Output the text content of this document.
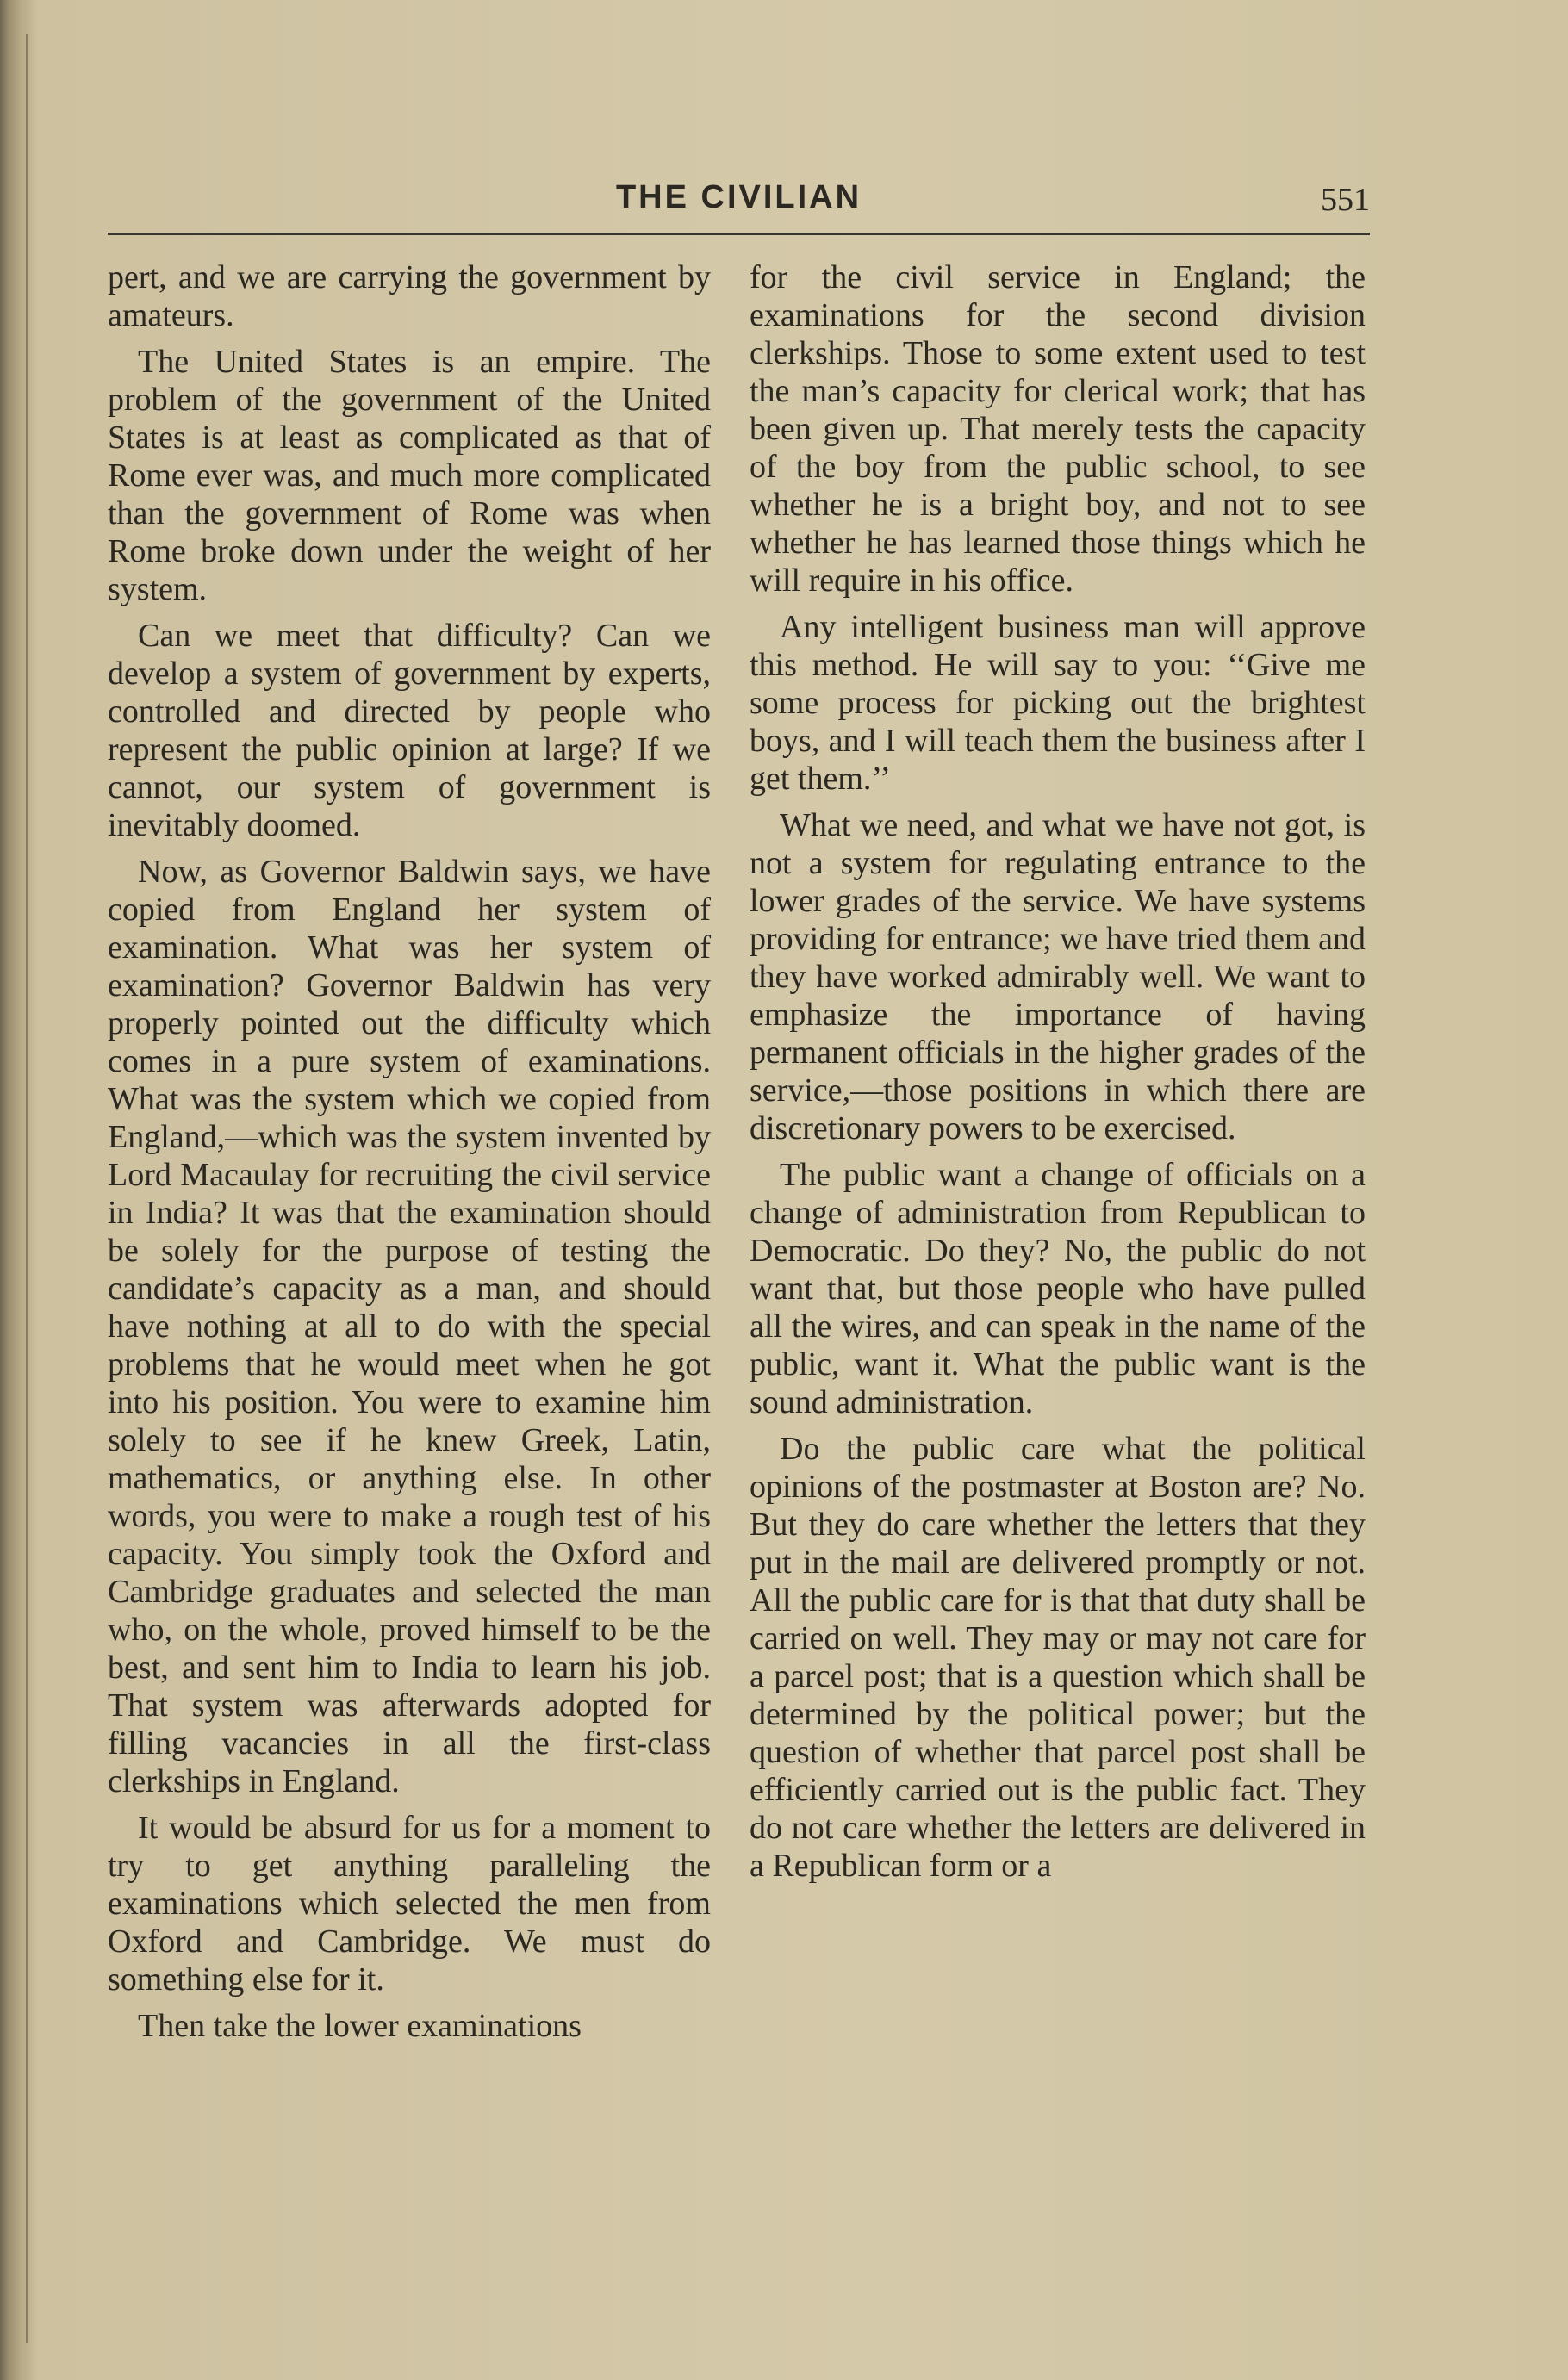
THE CIVILIAN	551

pert, and we are carrying the government by amateurs.

The United States is an empire. The problem of the government of the United States is at least as complicated as that of Rome ever was, and much more complicated than the government of Rome was when Rome broke down under the weight of her system.

Can we meet that difficulty? Can we develop a system of government by experts, controlled and directed by people who represent the public opinion at large? If we cannot, our system of government is inevitably doomed.

Now, as Governor Baldwin says, we have copied from England her system of examination. What was her system of examination? Governor Baldwin has very properly pointed out the difficulty which comes in a pure system of examinations. What was the system which we copied from England,—which was the system invented by Lord Macaulay for recruiting the civil service in India? It was that the examination should be solely for the purpose of testing the candidate’s capacity as a man, and should have nothing at all to do with the special problems that he would meet when he got into his position. You were to examine him solely to see if he knew Greek, Latin, mathematics, or anything else. In other words, you were to make a rough test of his capacity. You simply took the Oxford and Cambridge graduates and selected the man who, on the whole, proved himself to be the best, and sent him to India to learn his job. That system was afterwards adopted for filling vacancies in all the first-class clerkships in England.

It would be absurd for us for a moment to try to get anything paralleling the examinations which selected the men from Oxford and Cambridge. We must do something else for it.

Then take the lower examinations

for the civil service in England; the examinations for the second division clerkships. Those to some extent used to test the man’s capacity for clerical work; that has been given up. That merely tests the capacity of the boy from the public school, to see whether he is a bright boy, and not to see whether he has learned those things which he will require in his office.

Any intelligent business man will approve this method. He will say to you: ‘‘Give me some process for picking out the brightest boys, and I will teach them the business after I get them.’’

What we need, and what we have not got, is not a system for regulating entrance to the lower grades of the service. We have systems providing for entrance; we have tried them and they have worked admirably well. We want to emphasize the importance of having permanent officials in the higher grades of the service,—those positions in which there are discretionary powers to be exercised.

The public want a change of officials on a change of administration from Republican to Democratic. Do they? No, the public do not want that, but those people who have pulled all the wires, and can speak in the name of the public, want it. What the public want is the sound administration.

Do the public care what the political opinions of the postmaster at Boston are? No. But they do care whether the letters that they put in the mail are delivered promptly or not. All the public care for is that that duty shall be carried on well. They may or may not care for a parcel post; that is a question which shall be determined by the political power; but the question of whether that parcel post shall be efficiently carried out is the public fact. They do not care whether the letters are delivered in a Republican form or a
